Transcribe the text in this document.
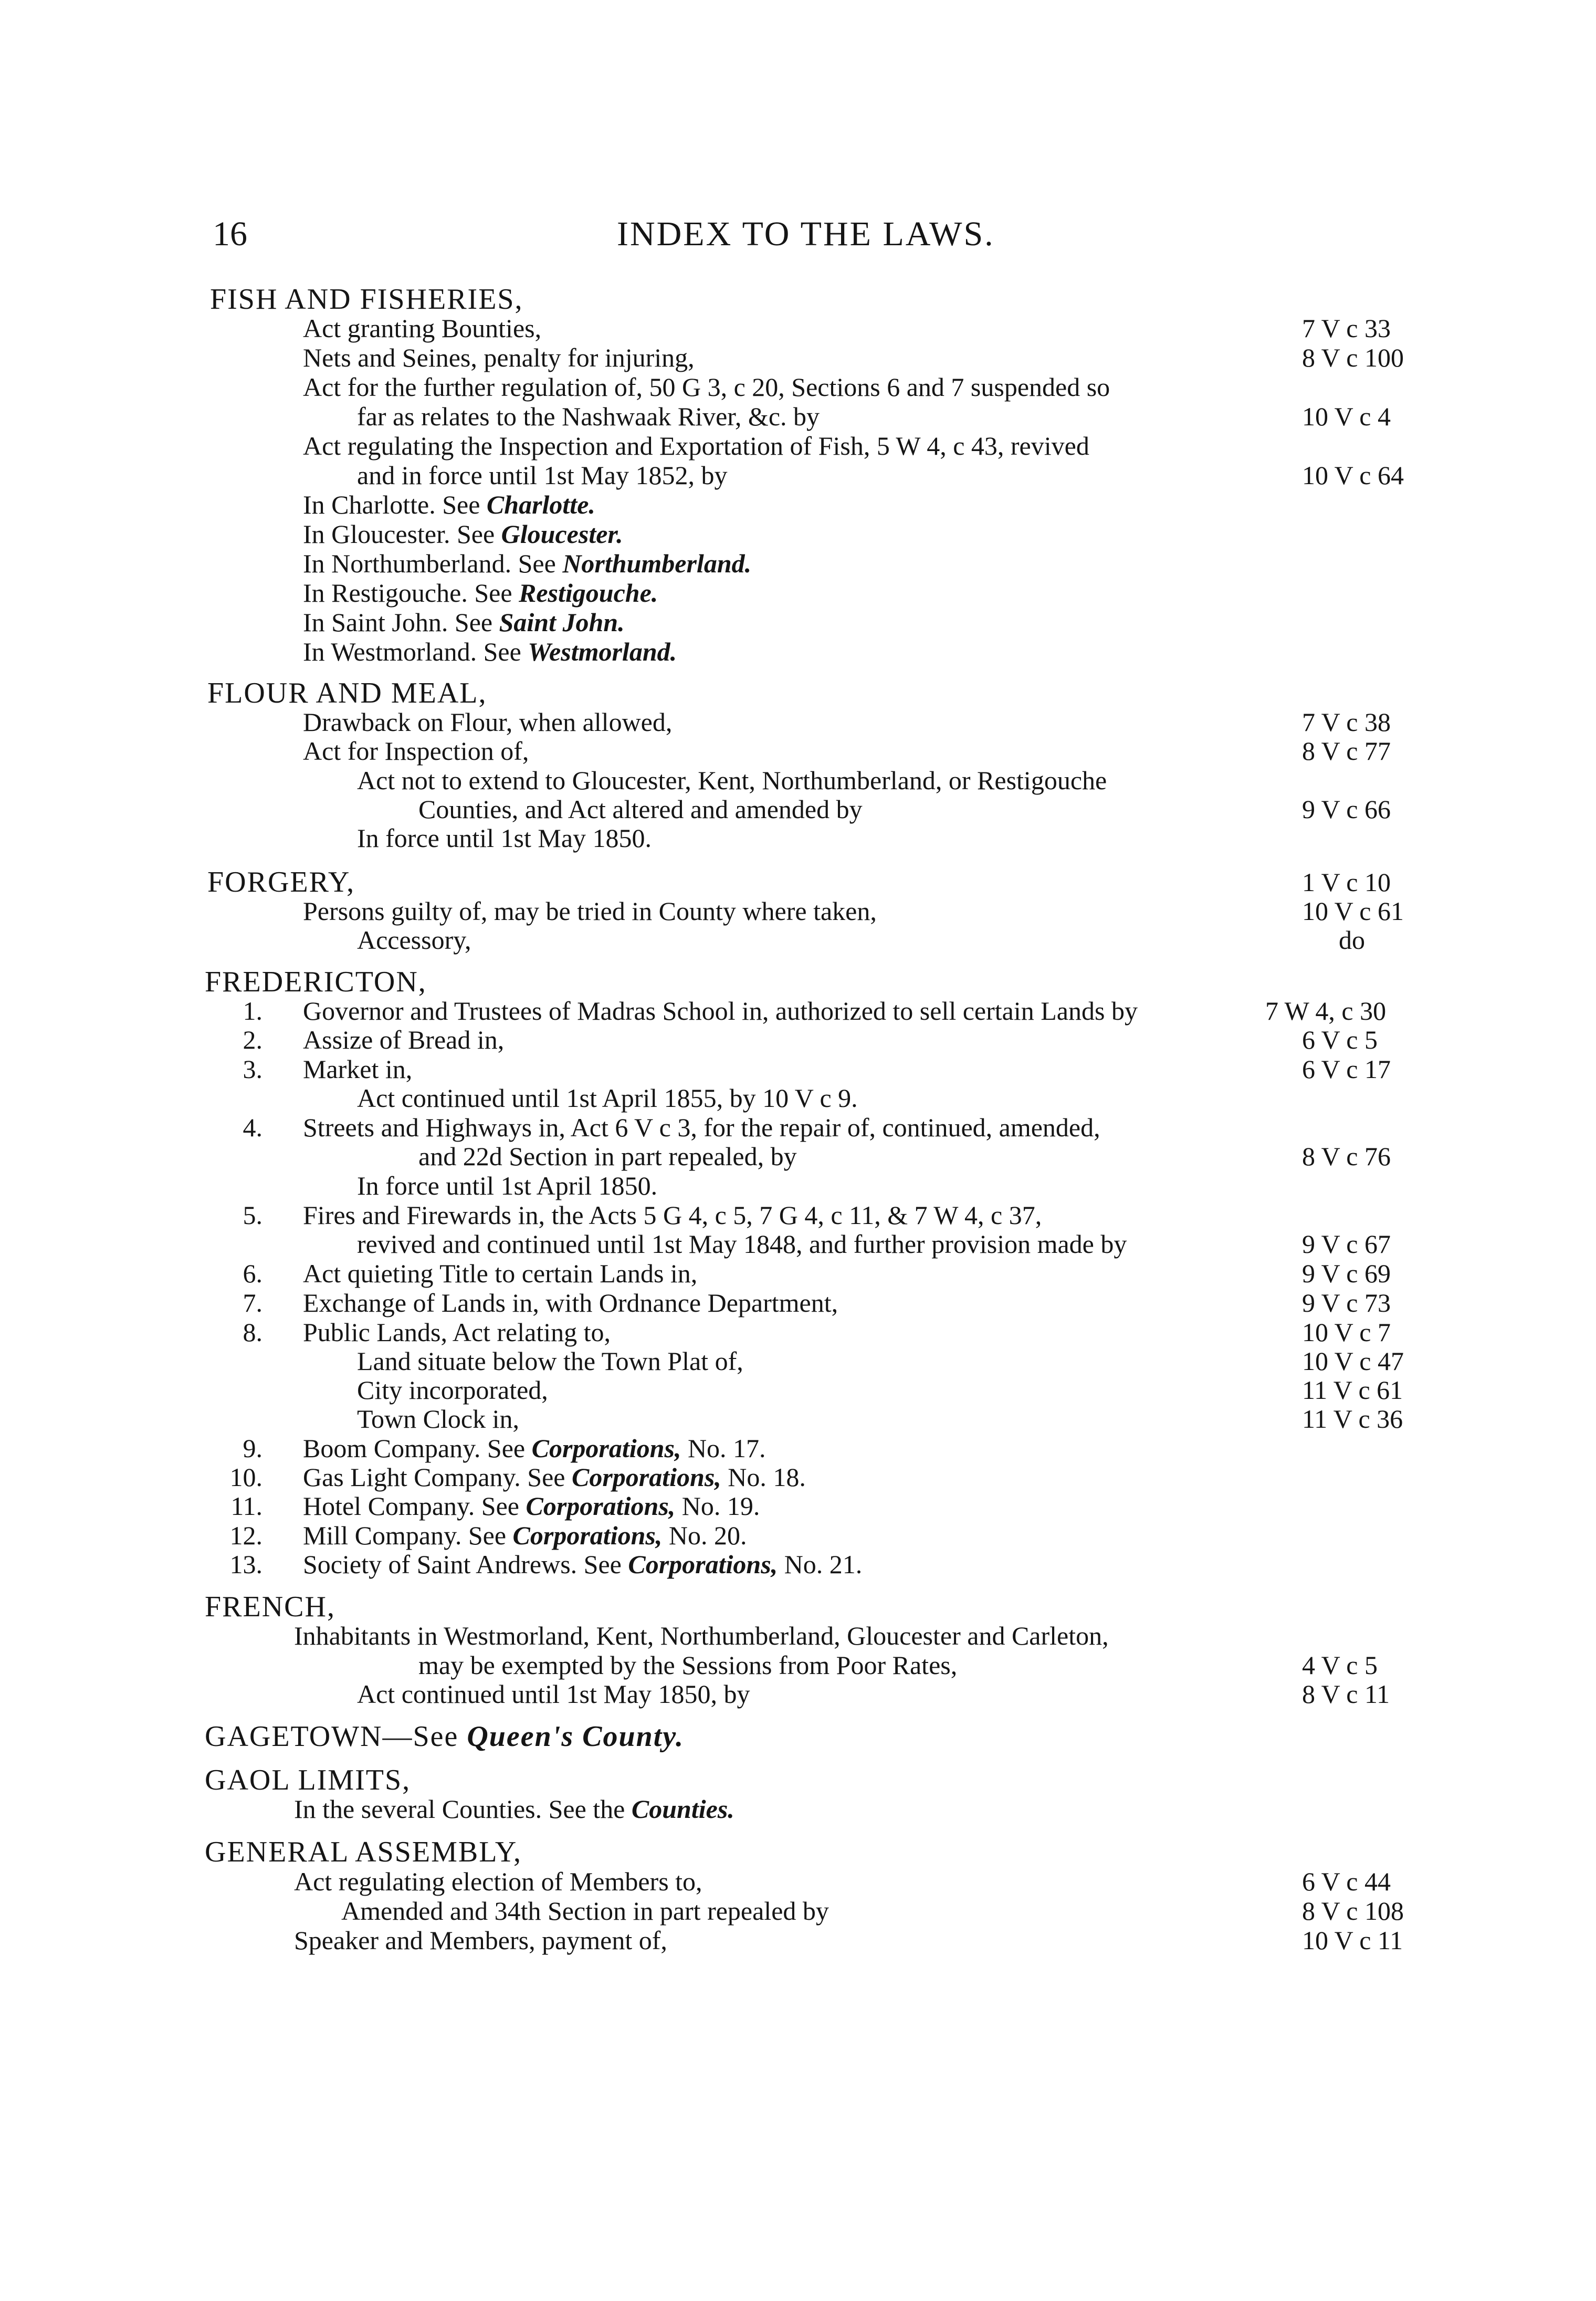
16	INDEX TO THE LAWS.
FISH AND FISHERIES,
Act granting Bounties,	7 V c 33
Nets and Seines, penalty for injuring,	8 V c 100
Act for the further regulation of, 50 G 3, c 20, Sections 6 and 7 suspended so
far as relates to the Nashwaak River, &c. by	10 V c 4
Act regulating the Inspection and Exportation of Fish, 5 W 4, c 43, revived
and in force until 1st May 1852, by	10 V c 64
In Charlotte. See Charlotte.
In Gloucester. See Gloucester.
In Northumberland. See Northumberland.
In Restigouche. See Restigouche.
In Saint John. See Saint John.
In Westmorland. See Westmorland.
FLOUR AND MEAL,
Drawback on Flour, when allowed,	7 V c 38
Act for Inspection of,	8 V c 77
Act not to extend to Gloucester, Kent, Northumberland, or Restigouche
Counties, and Act altered and amended by	9 V c 66
In force until 1st May 1850.
FORGERY,	1 V c 10
Persons guilty of, may be tried in County where taken,	10 V c 61
Accessory,	do
FREDERICTON,
1. Governor and Trustees of Madras School in, authorized to sell certain Lands by	7 W 4, c 30
2. Assize of Bread in,	6 V c 5
3. Market in,	6 V c 17
Act continued until 1st April 1855, by 10 V c 9.
4. Streets and Highways in, Act 6 V c 3, for the repair of, continued, amended,
and 22d Section in part repealed, by	8 V c 76
In force until 1st April 1850.
5. Fires and Firewards in, the Acts 5 G 4, c 5, 7 G 4, c 11, & 7 W 4, c 37,
revived and continued until 1st May 1848, and further provision made by	9 V c 67
6. Act quieting Title to certain Lands in,	9 V c 69
7. Exchange of Lands in, with Ordnance Department,	9 V c 73
8. Public Lands, Act relating to,	10 V c 7
Land situate below the Town Plat of,	10 V c 47
City incorporated,	11 V c 61
Town Clock in,	11 V c 36
9. Boom Company. See Corporations, No. 17.
10. Gas Light Company. See Corporations, No. 18.
11. Hotel Company. See Corporations, No. 19.
12. Mill Company. See Corporations, No. 20.
13. Society of Saint Andrews. See Corporations, No. 21.
FRENCH,
Inhabitants in Westmorland, Kent, Northumberland, Gloucester and Carleton,
may be exempted by the Sessions from Poor Rates,	4 V c 5
Act continued until 1st May 1850, by	8 V c 11
GAGETOWN—See Queen's County.
GAOL LIMITS,
In the several Counties. See the Counties.
GENERAL ASSEMBLY,
Act regulating election of Members to,	6 V c 44
Amended and 34th Section in part repealed by	8 V c 108
Speaker and Members, payment of,	10 V c 11
